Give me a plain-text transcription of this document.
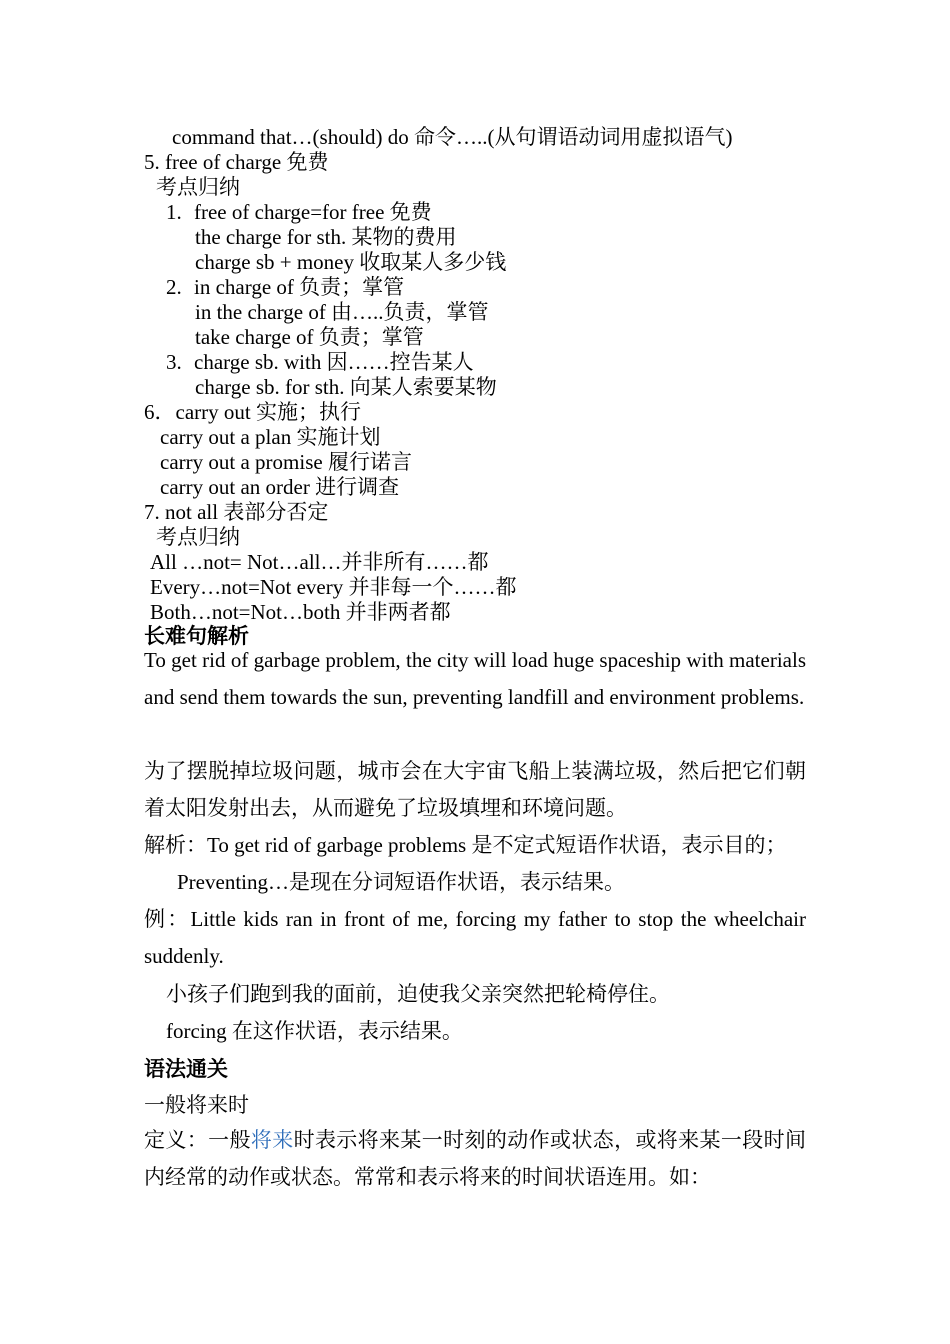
command that…(should) do 命令…..(从句谓语动词用虚拟语气)
5. free of charge 免费
考点归纳
1. free of charge=for free 免费
the charge for sth. 某物的费用
charge sb + money 收取某人多少钱
2. in charge of 负责；掌管
in the charge of 由…..负责，掌管
take charge of 负责；掌管
3. charge sb. with 因……控告某人
charge sb. for sth. 向某人索要某物
6．carry out 实施；执行
carry out a plan 实施计划
carry out a promise 履行诺言
carry out an order 进行调查
7. not all 表部分否定
考点归纳
All …not= Not…all…并非所有……都
Every…not=Not every 并非每一个……都
Both…not=Not…both 并非两者都
长难句解析
To get rid of garbage problem, the city will load huge spaceship with materials and send them towards the sun, preventing landfill and environment problems.
为了摆脱掉垃圾问题，城市会在大宇宙飞船上装满垃圾，然后把它们朝着太阳发射出去，从而避免了垃圾填埋和环境问题。
解析：To get rid of garbage problems 是不定式短语作状语，表示目的；
Preventing…是现在分词短语作状语，表示结果。
例：Little kids ran in front of me, forcing my father to stop the wheelchair suddenly.
小孩子们跑到我的面前，迫使我父亲突然把轮椅停住。
forcing 在这作状语，表示结果。
语法通关
一般将来时
定义：一般将来时表示将来某一时刻的动作或状态，或将来某一段时间内经常的动作或状态。常常和表示将来的时间状语连用。如：
